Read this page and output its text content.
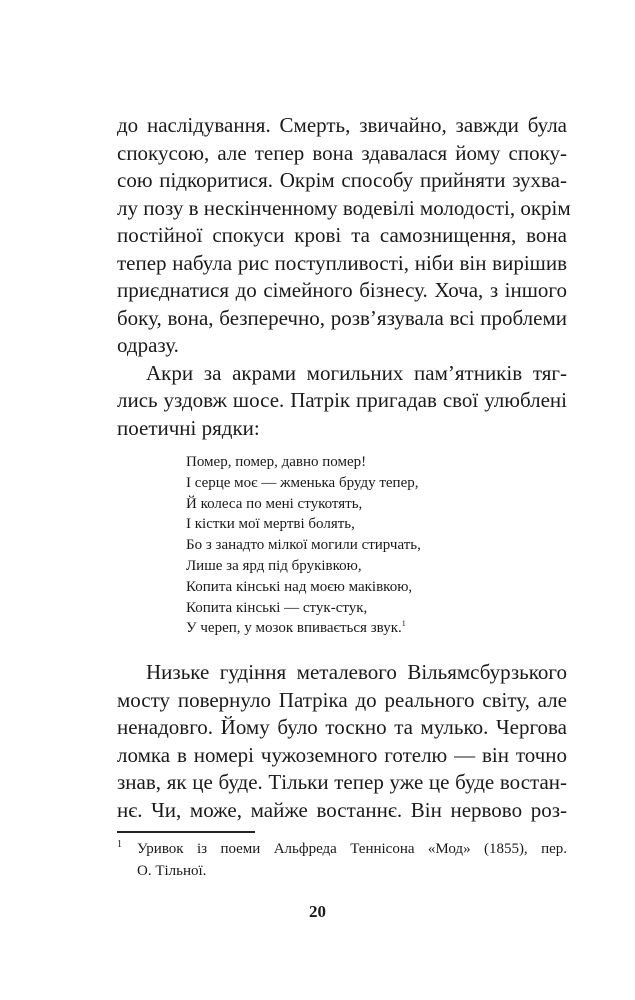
до наслідування. Смерть, звичайно, завжди була
спокусою, але тепер вона здавалася йому споку-
сою підкоритися. Окрім способу прийняти зухва-
лу позу в нескінченному водевілі молодості, окрім
постійної спокуси крові та самознищення, вона
тепер набула рис поступливості, ніби він вирішив
приєднатися до сімейного бізнесу. Хоча, з іншого
боку, вона, безперечно, розв’язувала всі проблеми
одразу.
Акри за акрами могильних пам’ятників тяг-
лись уздовж шосе. Патрік пригадав свої улюблені
поетичні рядки:
Помер, помер, давно помер!
І серце моє — жменька бруду тепер,
Й колеса по мені стукотять,
І кістки мої мертві болять,
Бо з занадто мілкої могили стирчать,
Лише за ярд під бруківкою,
Копита кінські над моєю маківкою,
Копита кінські — стук-стук,
У череп, у мозок впивається звук.$^1$
Низьке гудіння металевого Вільямсбурзького
мосту повернуло Патріка до реального світу, але
ненадовго. Йому було тоскно та мулько. Чергова
ломка в номері чужоземного готелю — він точно
знав, як це буде. Тільки тепер уже це буде востан-
нє. Чи, може, майже востаннє. Він нервово роз-
1	Уривок із поеми Альфреда Теннісона «Мод» (1855), пер.
О. Тільної.
20
